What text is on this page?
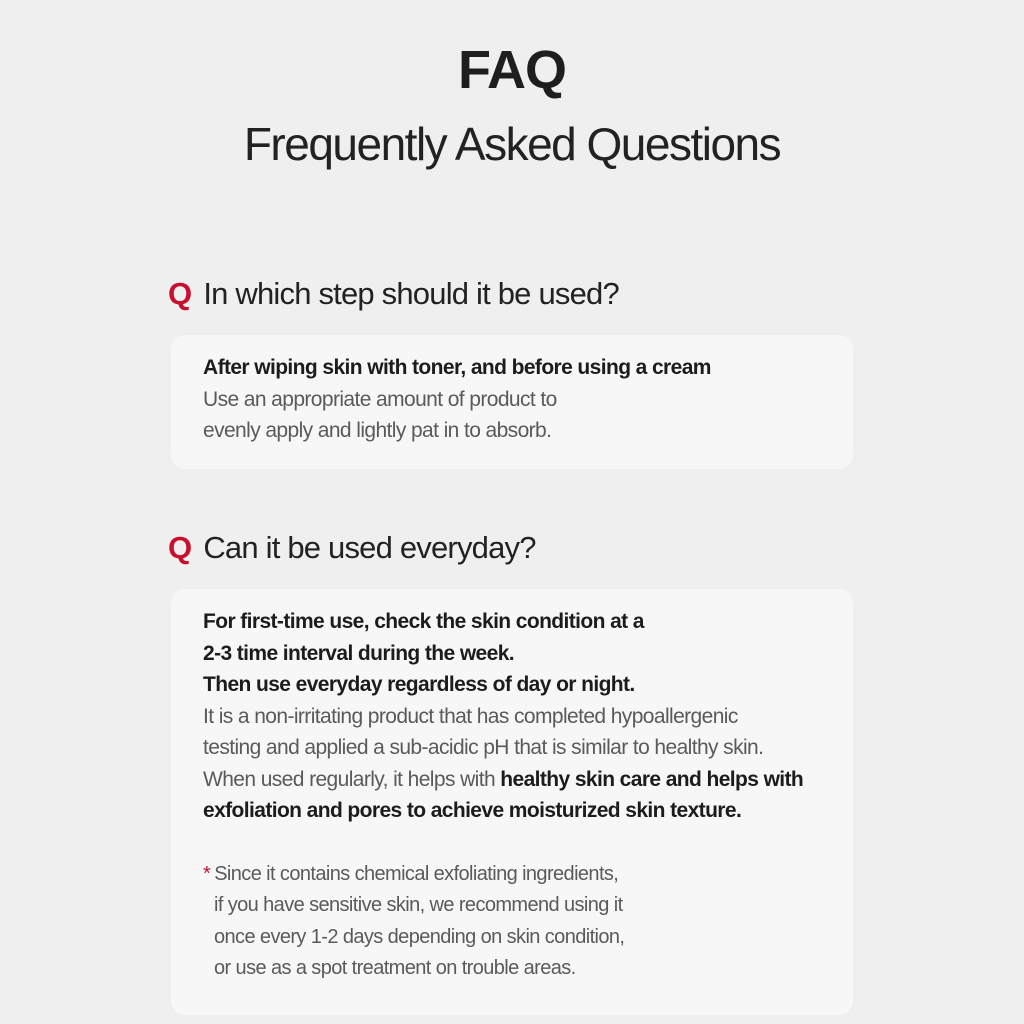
FAQ
Frequently Asked Questions
Q In which step should it be used?
After wiping skin with toner, and before using a cream
Use an appropriate amount of product to
evenly apply and lightly pat in to absorb.
Q Can it be used everyday?
For first-time use, check the skin condition at a
2-3 time interval during the week.
Then use everyday regardless of day or night.
It is a non-irritating product that has completed hypoallergenic
testing and applied a sub-acidic pH that is similar to healthy skin.
When used regularly, it helps with healthy skin care and helps with
exfoliation and pores to achieve moisturized skin texture.
* Since it contains chemical exfoliating ingredients,
if you have sensitive skin, we recommend using it
once every 1-2 days depending on skin condition,
or use as a spot treatment on trouble areas.
